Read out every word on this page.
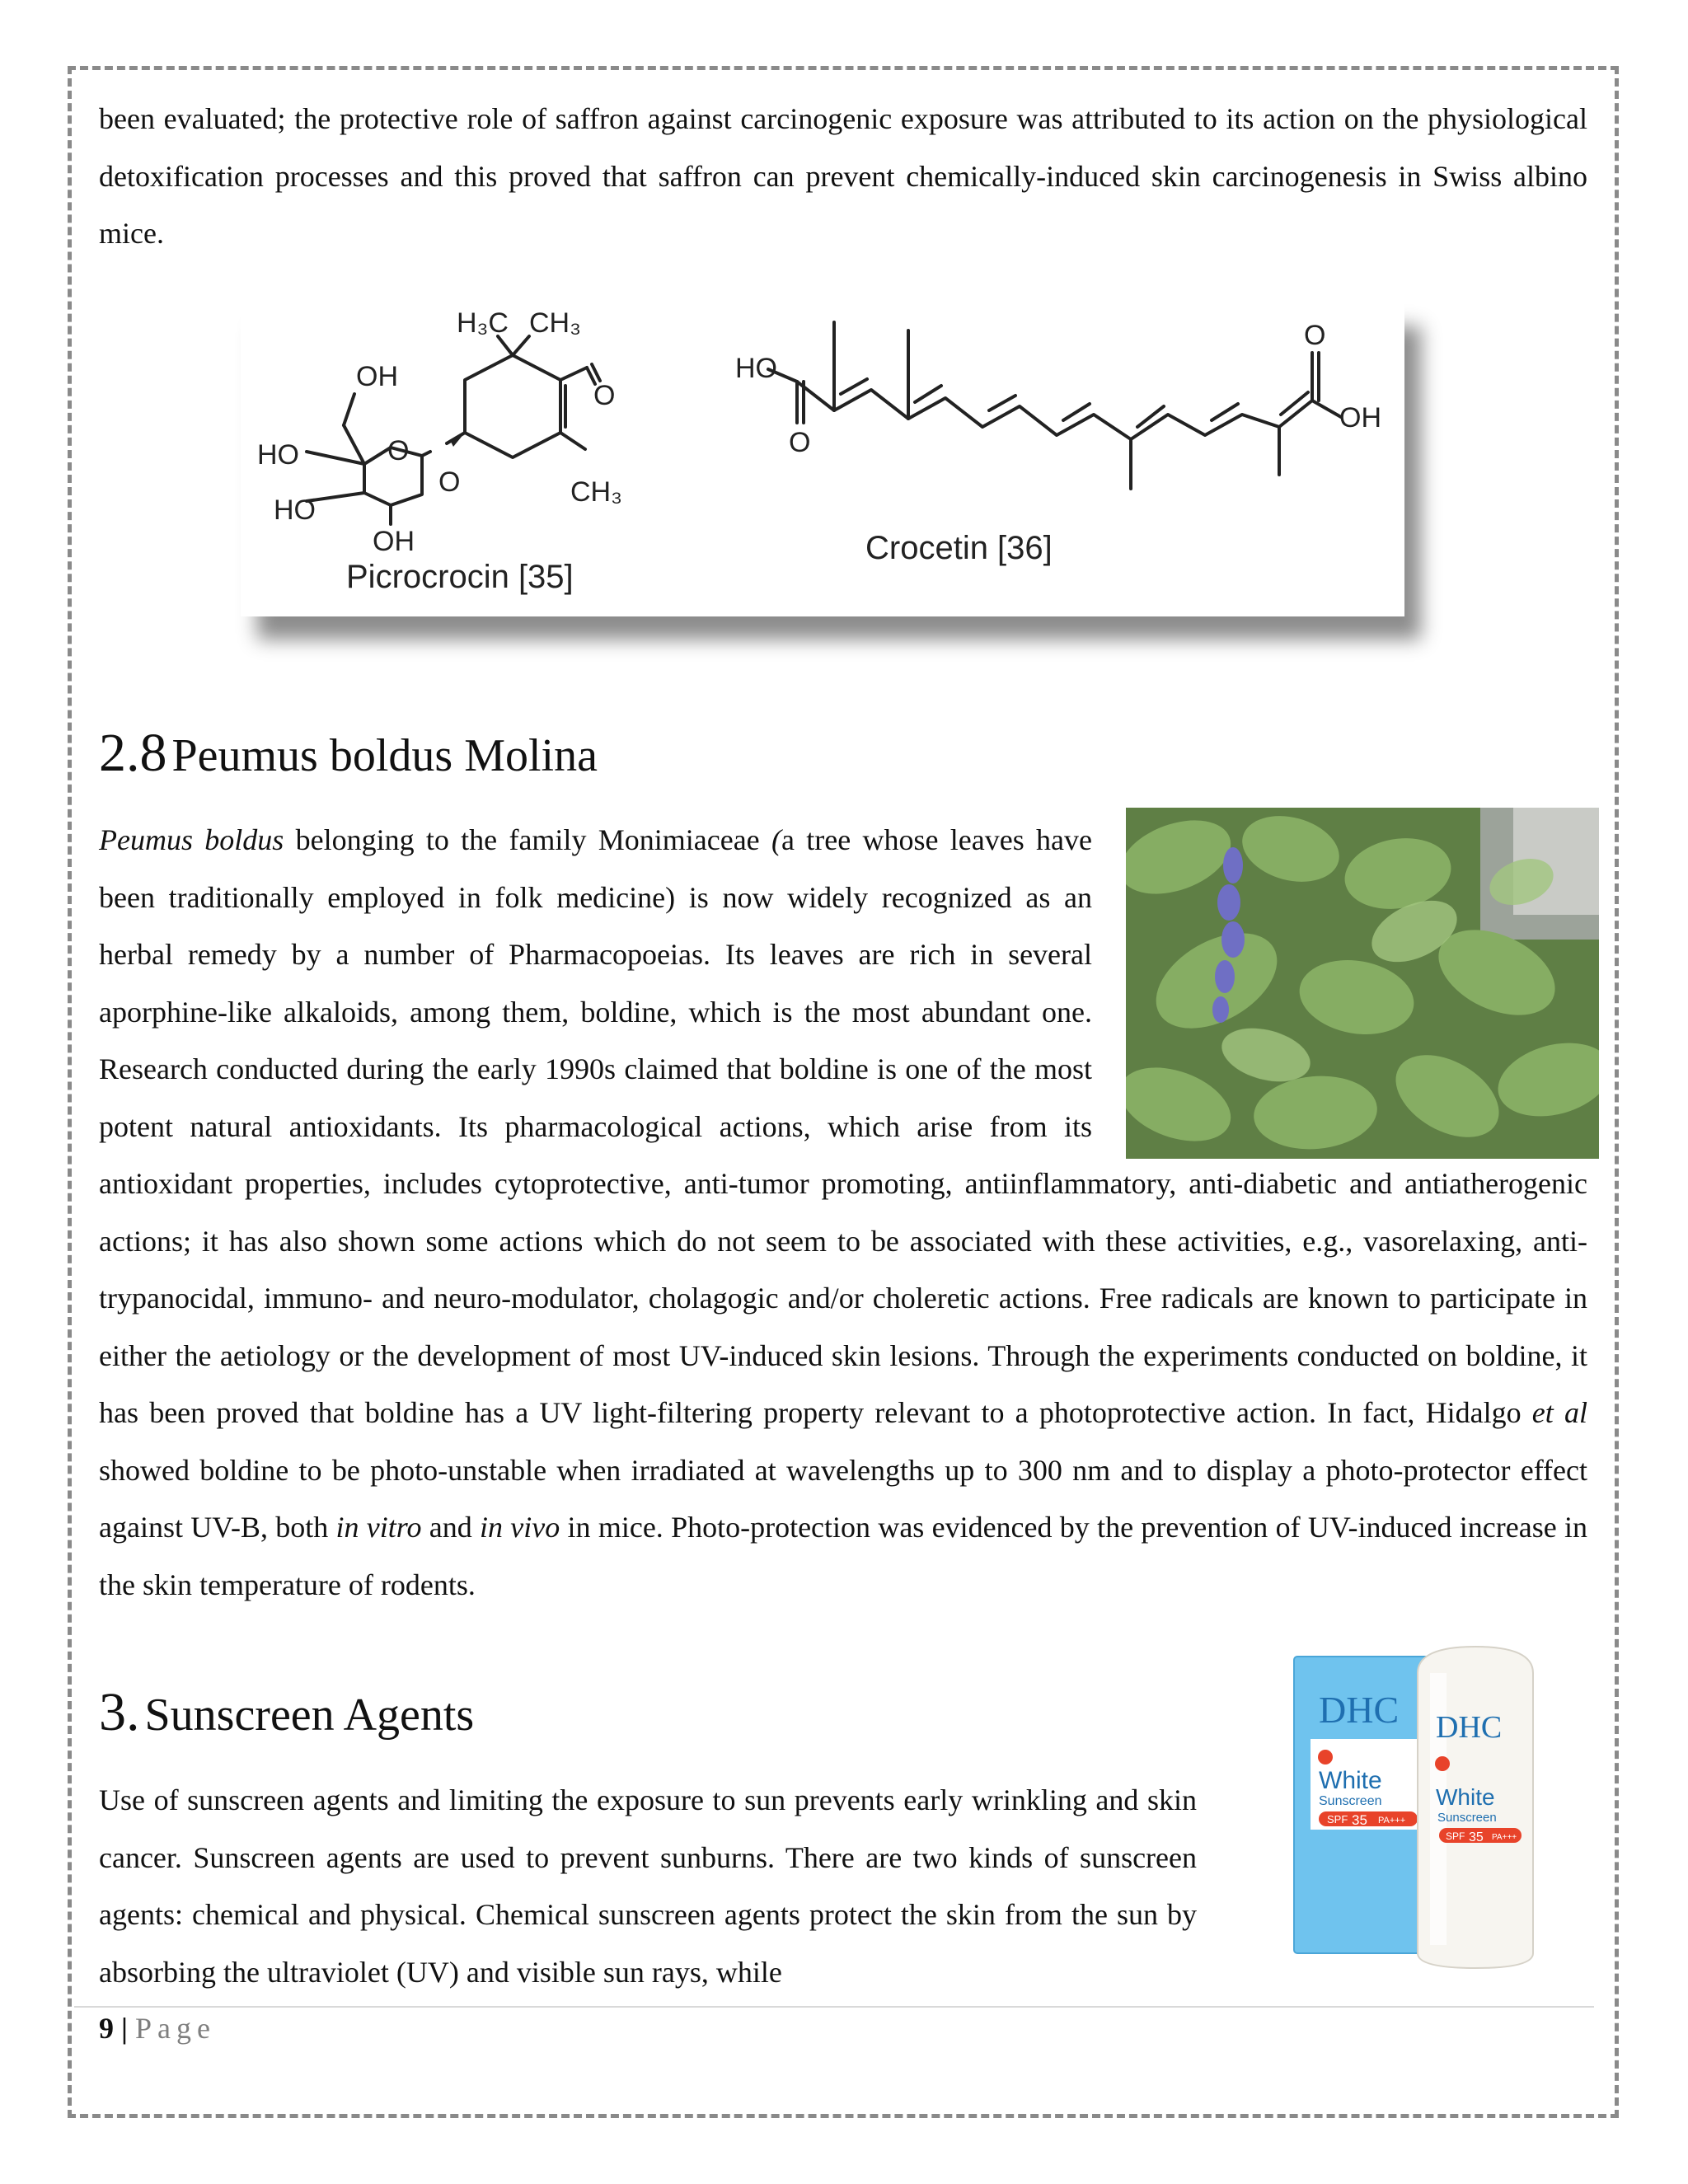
been evaluated; the protective role of saffron against carcinogenic exposure was attributed to its action on the physiological detoxification processes and this proved that saffron can prevent chemically-induced skin carcinogenesis in Swiss albino mice.

H₃C CH₃
OH
HO	O
HO
O
OH
O
CH₃
Picrocrocin [35]
HO
O
O
OH
Crocetin [36]
2.8 Peumus boldus Molina

Peumus boldus belonging to the family Monimiaceae (a tree whose leaves have been traditionally employed in folk medicine) is now widely recognized as an herbal remedy by a number of Pharmacopoeias. Its leaves are rich in several aporphine-like alkaloids, among them, boldine, which is the most abundant one. Research conducted during the early 1990s claimed that boldine is one of the most potent natural antioxidants. Its pharmacological actions, which arise from its antioxidant properties, includes cytoprotective, anti-tumor promoting, antiinflammatory, anti-diabetic and antiatherogenic actions; it has also shown some actions which do not seem to be associated with these activities, e.g., vasorelaxing, anti-trypanocidal, immuno- and neuro-modulator, cholagogic and/or choleretic actions. Free radicals are known to participate in either the aetiology or the development of most UV-induced skin lesions. Through the experiments conducted on boldine, it has been proved that boldine has a UV light-filtering property relevant to a photoprotective action. In fact, Hidalgo et al showed boldine to be photo-unstable when irradiated at wavelengths up to 300 nm and to display a photo-protector effect against UV-B, both in vitro and in vivo in mice. Photo-protection was evidenced by the prevention of UV-induced increase in the skin temperature of rodents.

3. Sunscreen Agents	DHC
White
Sunscreen
SPF 35 PA+++
DHC
White
Sunscreen
SPF 35 PA+++

Use of sunscreen agents and limiting the exposure to sun prevents early wrinkling and skin cancer. Sunscreen agents are used to prevent sunburns. There are two kinds of sunscreen agents: chemical and physical. Chemical sunscreen agents protect the skin from the sun by absorbing the ultraviolet (UV) and visible sun rays, while

9 | Page
